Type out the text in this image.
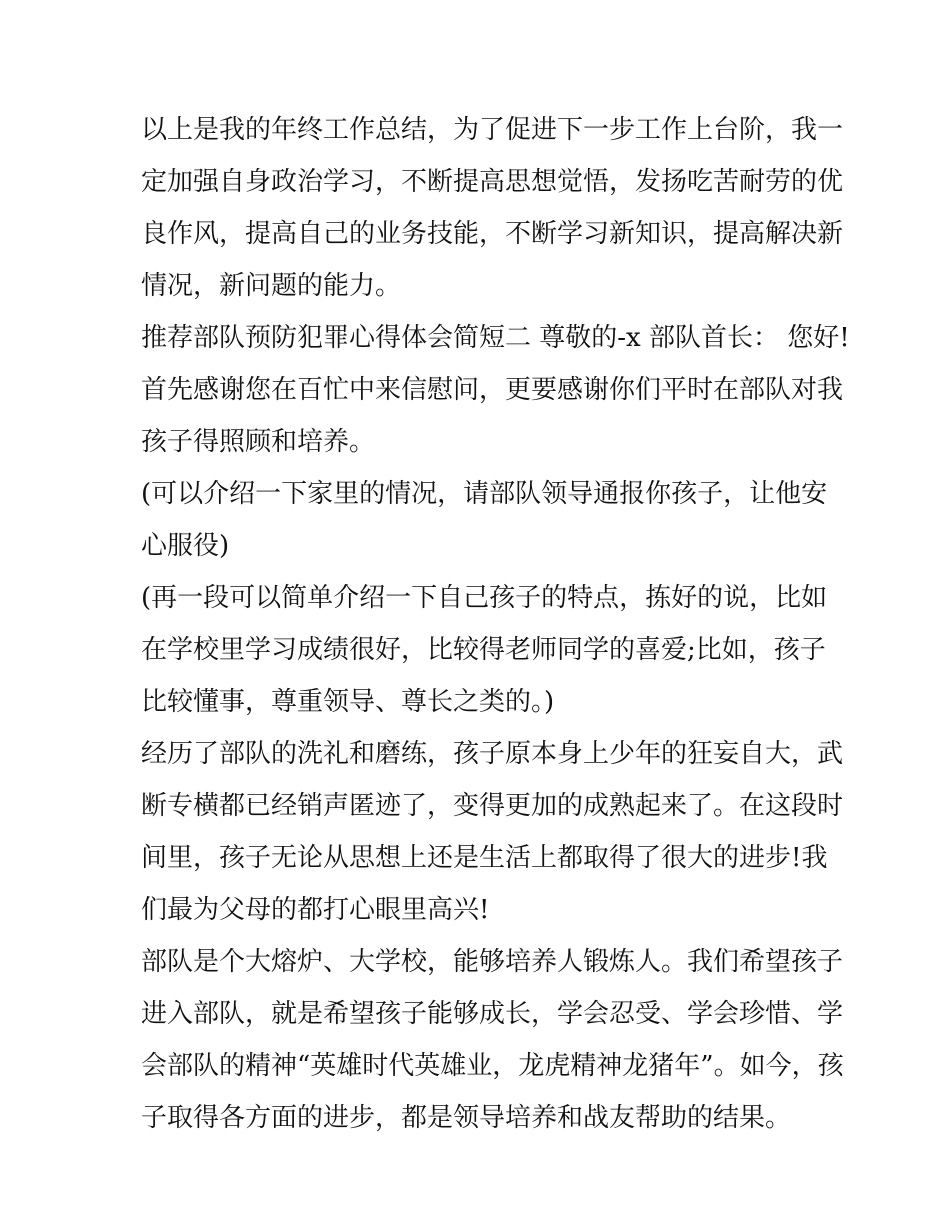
以上是我的年终工作总结，为了促进下一步工作上台阶，我一

定加强自身政治学习，不断提高思想觉悟，发扬吃苦耐劳的优

良作风，提高自己的业务技能，不断学习新知识，提高解决新

情况，新问题的能力。

推荐部队预防犯罪心得体会简短二 尊敬的-x 部队首长： 您好!

首先感谢您在百忙中来信慰问，更要感谢你们平时在部队对我

孩子得照顾和培养。

(可以介绍一下家里的情况，请部队领导通报你孩子，让他安

心服役)

(再一段可以简单介绍一下自己孩子的特点，拣好的说，比如

在学校里学习成绩很好，比较得老师同学的喜爱;比如，孩子

比较懂事，尊重领导、尊长之类的。)

经历了部队的洗礼和磨练，孩子原本身上少年的狂妄自大，武

断专横都已经销声匿迹了，变得更加的成熟起来了。在这段时

间里，孩子无论从思想上还是生活上都取得了很大的进步!我

们最为父母的都打心眼里高兴!

部队是个大熔炉、大学校，能够培养人锻炼人。我们希望孩子

进入部队，就是希望孩子能够成长，学会忍受、学会珍惜、学

会部队的精神“英雄时代英雄业，龙虎精神龙猪年”。如今，孩

子取得各方面的进步，都是领导培养和战友帮助的结果。
